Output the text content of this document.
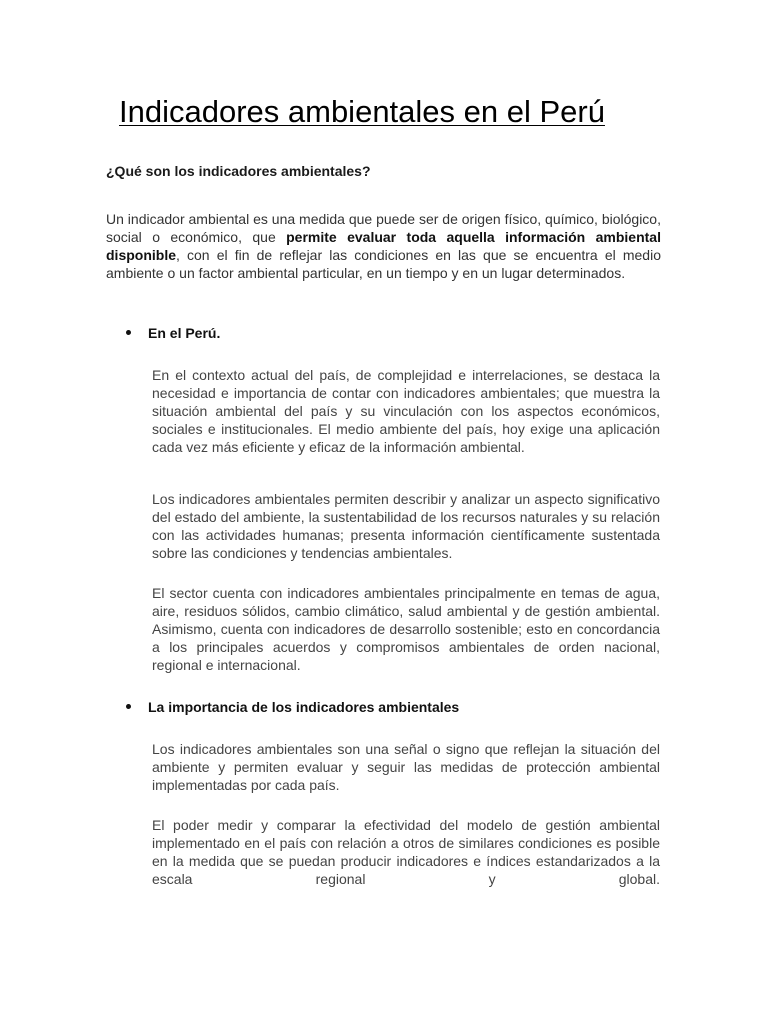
Indicadores ambientales en el Perú
¿Qué son los indicadores ambientales?
Un indicador ambiental es una medida que puede ser de origen físico, químico, biológico, social o económico, que permite evaluar toda aquella información ambiental disponible, con el fin de reflejar las condiciones en las que se encuentra el medio ambiente o un factor ambiental particular, en un tiempo y en un lugar determinados.
En el Perú.
En el contexto actual del país, de complejidad e interrelaciones, se destaca la necesidad e importancia de contar con indicadores ambientales; que muestra la situación ambiental del país y su vinculación con los aspectos económicos, sociales e institucionales. El medio ambiente del país, hoy exige una aplicación cada vez más eficiente y eficaz de la información ambiental.
Los indicadores ambientales permiten describir y analizar un aspecto significativo del estado del ambiente, la sustentabilidad de los recursos naturales y su relación con las actividades humanas; presenta información científicamente sustentada sobre las condiciones y tendencias ambientales.
El sector cuenta con indicadores ambientales principalmente en temas de agua, aire, residuos sólidos, cambio climático, salud ambiental y de gestión ambiental. Asimismo, cuenta con indicadores de desarrollo sostenible; esto en concordancia a los principales acuerdos y compromisos ambientales de orden nacional, regional e internacional.
La importancia de los indicadores ambientales
Los indicadores ambientales son una señal o signo que reflejan la situación del ambiente y permiten evaluar y seguir las medidas de protección ambiental implementadas por cada país.
El poder medir y comparar la efectividad del modelo de gestión ambiental implementado en el país con relación a otros de similares condiciones es posible en la medida que se puedan producir indicadores e índices estandarizados a la escala regional y global.
